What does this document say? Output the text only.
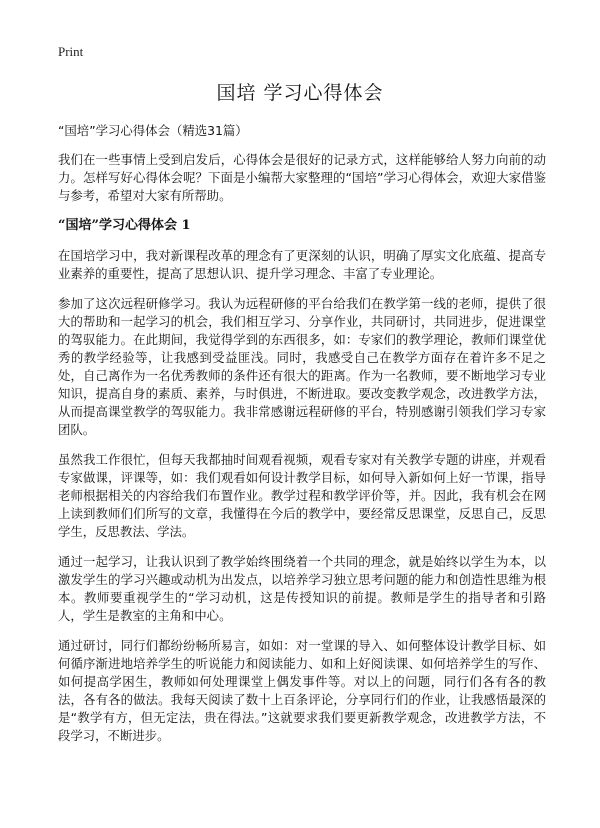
Print
国培 学习心得体会
“国培”学习心得体会（精选31篇）
我们在一些事情上受到启发后，心得体会是很好的记录方式，这样能够给人努力向前的动力。怎样写好心得体会呢？下面是小编帮大家整理的“国培”学习心得体会，欢迎大家借鉴与参考，希望对大家有所帮助。
“国培”学习心得体会 1
在国培学习中，我对新课程改革的理念有了更深刻的认识，明确了厚实文化底蕴、提高专业素养的重要性，提高了思想认识、提升学习理念、丰富了专业理论。
参加了这次远程研修学习。我认为远程研修的平台给我们在教学第一线的老师，提供了很大的帮助和一起学习的机会，我们相互学习、分享作业，共同研讨，共同进步，促进课堂的驾驭能力。在此期间，我觉得学到的东西很多，如：专家们的教学理论，教师们课堂优秀的教学经验等，让我感到受益匪浅。同时，我感受自己在教学方面存在着许多不足之处，自己离作为一名优秀教师的条件还有很大的距离。作为一名教师，要不断地学习专业知识，提高自身的素质、素养，与时俱进，不断进取。要改变教学观念，改进教学方法，从而提高课堂教学的驾驭能力。我非常感谢远程研修的平台，特别感谢引领我们学习专家团队。
虽然我工作很忙，但每天我都抽时间观看视频，观看专家对有关教学专题的讲座，并观看专家做课，评课等，如：我们观看如何设计教学目标，如何导入新如何上好一节课，指导老师根据相关的内容给我们布置作业。教学过程和教学评价等，并。因此，我有机会在网上读到教师们们所写的文章，我懂得在今后的教学中，要经常反思课堂，反思自己，反思学生，反思教法、学法。
通过一起学习，让我认识到了教学始终围绕着一个共同的理念，就是始终以学生为本，以激发学生的学习兴趣或动机为出发点，以培养学习独立思考问题的能力和创造性思维为根本。教师要重视学生的“学习动机，这是传授知识的前提。教师是学生的指导者和引路人，学生是教室的主角和中心。
通过研讨，同行们都纷纷畅所易言，如如：对一堂课的导入、如何整体设计教学目标、如何循序渐进地培养学生的听说能力和阅读能力、如和上好阅读课、如何培养学生的写作、如何提高学困生，教师如何处理课堂上偶发事件等。对以上的问题，同行们各有各的教法，各有各的做法。我每天阅读了数十上百条评论，分享同行们的作业，让我感悟最深的是“教学有方，但无定法，贵在得法。”这就要求我们要更新教学观念，改进教学方法，不段学习，不断进步。
